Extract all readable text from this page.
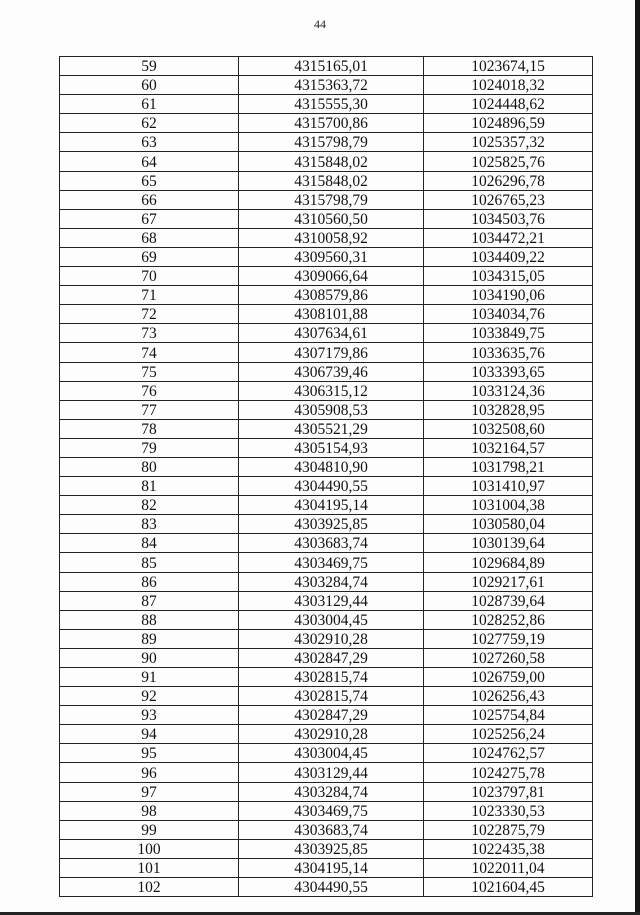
44
59	4315165,01	1023674,15
60	4315363,72	1024018,32
61	4315555,30	1024448,62
62	4315700,86	1024896,59
63	4315798,79	1025357,32
64	4315848,02	1025825,76
65	4315848,02	1026296,78
66	4315798,79	1026765,23
67	4310560,50	1034503,76
68	4310058,92	1034472,21
69	4309560,31	1034409,22
70	4309066,64	1034315,05
71	4308579,86	1034190,06
72	4308101,88	1034034,76
73	4307634,61	1033849,75
74	4307179,86	1033635,76
75	4306739,46	1033393,65
76	4306315,12	1033124,36
77	4305908,53	1032828,95
78	4305521,29	1032508,60
79	4305154,93	1032164,57
80	4304810,90	1031798,21
81	4304490,55	1031410,97
82	4304195,14	1031004,38
83	4303925,85	1030580,04
84	4303683,74	1030139,64
85	4303469,75	1029684,89
86	4303284,74	1029217,61
87	4303129,44	1028739,64
88	4303004,45	1028252,86
89	4302910,28	1027759,19
90	4302847,29	1027260,58
91	4302815,74	1026759,00
92	4302815,74	1026256,43
93	4302847,29	1025754,84
94	4302910,28	1025256,24
95	4303004,45	1024762,57
96	4303129,44	1024275,78
97	4303284,74	1023797,81
98	4303469,75	1023330,53
99	4303683,74	1022875,79
100	4303925,85	1022435,38
101	4304195,14	1022011,04
102	4304490,55	1021604,45
